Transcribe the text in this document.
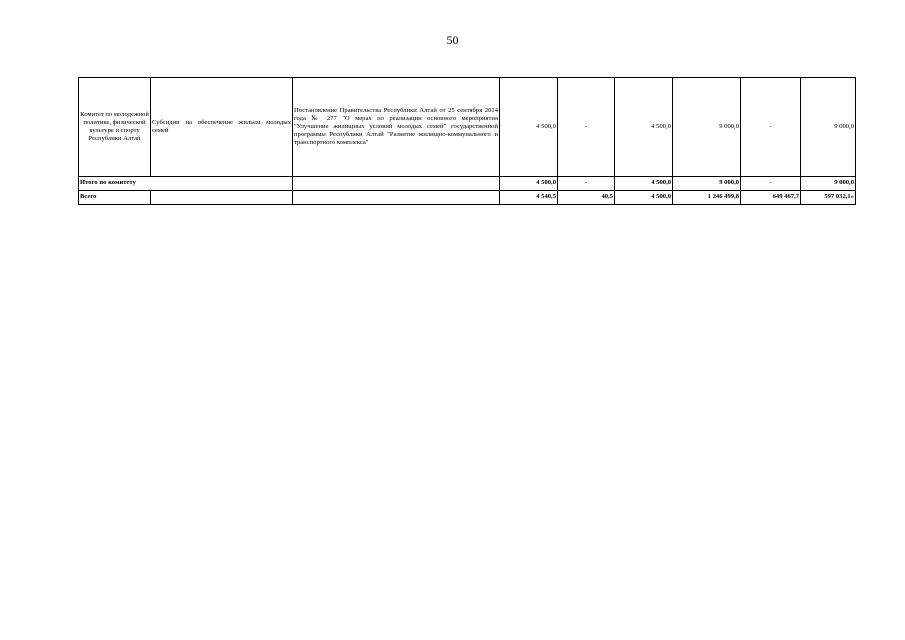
50
Комитет по молодежной политике, физической культуре и спорту Республики Алтай	Субсидии на обеспечение жильем молодых семей	Постановление Правительства Республики Алтай от 25 сентября 2014 года № 277 "О мерах по реализации основного мероприятия "Улучшение жилищных условий молодых семей" государственной программы Республики Алтай "Развитие жилищно-коммунального и транспортного комплекса"	4 500,0	-	4 500,0	9 000,0	-	9 000,0
Итого по комитету			4 500,0	-	4 500,0	9 000,0	-	9 000,0
Всего			4 540,5	40,5	4 500,0	1 246 499,8	649 467,7	597 032,1»
